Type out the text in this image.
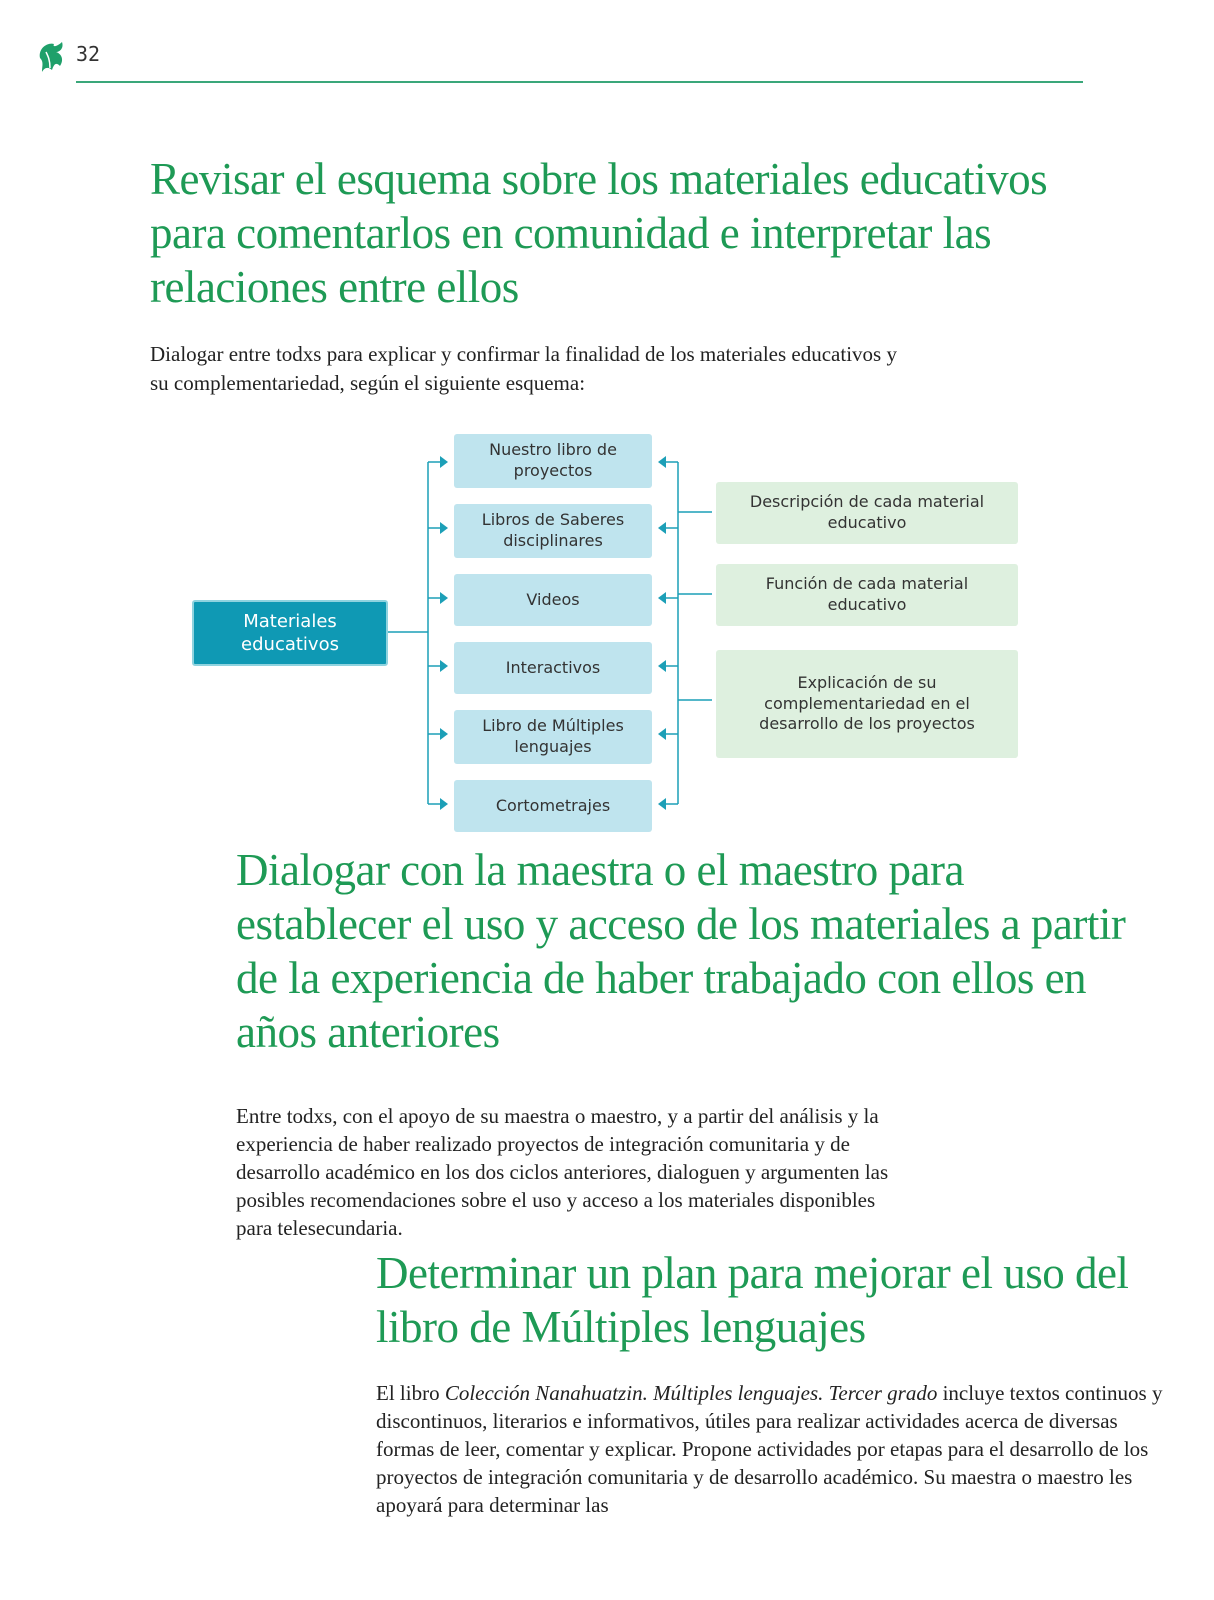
32
Revisar el esquema sobre los materiales educativos para comentarlos en comunidad e interpretar las relaciones entre ellos

Dialogar entre todxs para explicar y confirmar la finalidad de los materiales educativos y su complementariedad, según el siguiente esquema:

Materiales educativos
Nuestro libro de proyectos
Libros de Saberes disciplinares
Videos
Interactivos
Libro de Múltiples lenguajes
Cortometrajes
Descripción de cada material educativo
Función de cada material educativo
Explicación de su complementariedad en el desarrollo de los proyectos
Dialogar con la maestra o el maestro para establecer el uso y acceso de los materiales a partir de la experiencia de haber trabajado con ellos en años anteriores

Entre todxs, con el apoyo de su maestra o maestro, y a partir del análisis y la experiencia de haber realizado proyectos de integración comunitaria y de desarrollo académico en los dos ciclos anteriores, dialoguen y argumenten las posibles recomendaciones sobre el uso y acceso a los materiales disponibles para telesecundaria.

Determinar un plan para mejorar el uso del libro de Múltiples lenguajes

El libro Colección Nanahuatzin. Múltiples lenguajes. Tercer grado incluye textos continuos y discontinuos, literarios e informativos, útiles para realizar actividades acerca de diversas formas de leer, comentar y explicar. Propone actividades por etapas para el desarrollo de los proyectos de integración comunitaria y de desarrollo académico. Su maestra o maestro les apoyará para determinar las
